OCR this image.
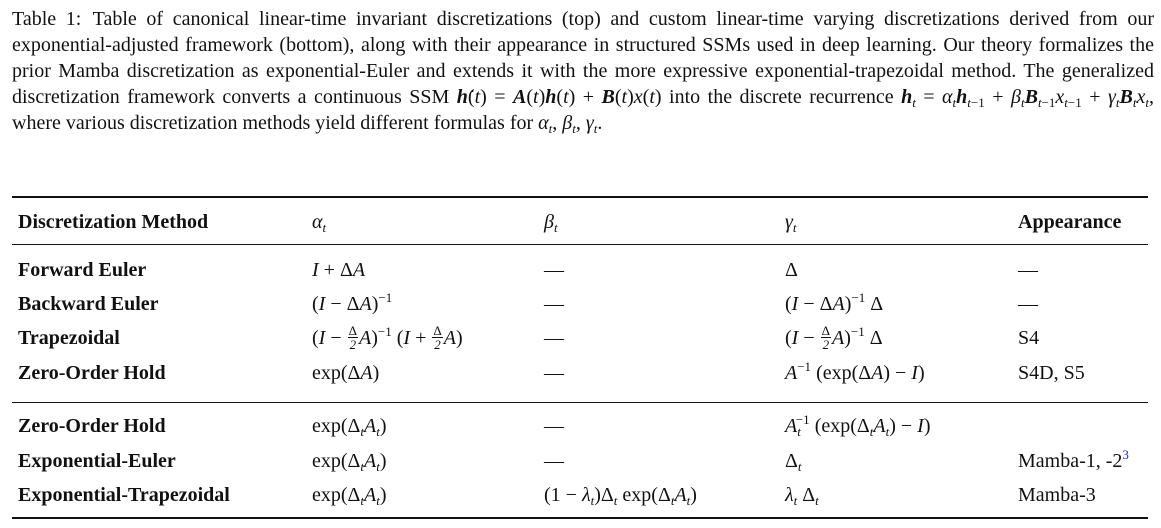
Table 1: Table of canonical linear-time invariant discretizations (top) and custom linear-time varying discretizations derived from our exponential-adjusted framework (bottom), along with their appearance in structured SSMs used in deep learning. Our theory formalizes the prior Mamba discretization as exponential-Euler and extends it with the more expressive exponential-trapezoidal method. The generalized discretization framework converts a continuous SSM h(t) = A(t)h(t) + B(t)x(t) into the discrete recurrence $h_t = \alpha_th_{t-1} + \beta_tB_{t-1}x_{t-1} + \gamma_tB_tx_t$, where various discretization methods yield different formulas for $\alpha_t$, $\beta_t$, $\gamma_t$.
Discretization Method	$\alpha_t$	$\beta_t$	$\gamma_t$	Appearance
Forward Euler	I + ΔA	—	Δ	—
Backward Euler	$(I - \Delta A)^{-1}$	—	$(I - \Delta A)^{-1}$ Δ	—
Trapezoidal	$(I - \frac{\Delta}{2} A)^{-1}$ $(I + \frac{\Delta}{2} A)$	—	$(I - \frac{\Delta}{2} A)^{-1}$ Δ	S4
Zero-Order Hold	exp(ΔA)	—	$A^{-1}$ (exp(ΔA) − I)	S4D, S5
Zero-Order Hold	$\exp(\Delta_tA_t)$	—	$A_t^{-1}$ $(\exp(\Delta_tA_t) - I)$
Exponential-Euler	$\exp(\Delta_tA_t)$	—	$\Delta_t$	Mamba-1, -2$^3$
Exponential-Trapezoidal	$\exp(\Delta_tA_t)$	$(1 - \lambda_t)\Delta_t$ $\exp(\Delta_tA_t)$	$\lambda_t$ $\Delta_t$	Mamba-3
